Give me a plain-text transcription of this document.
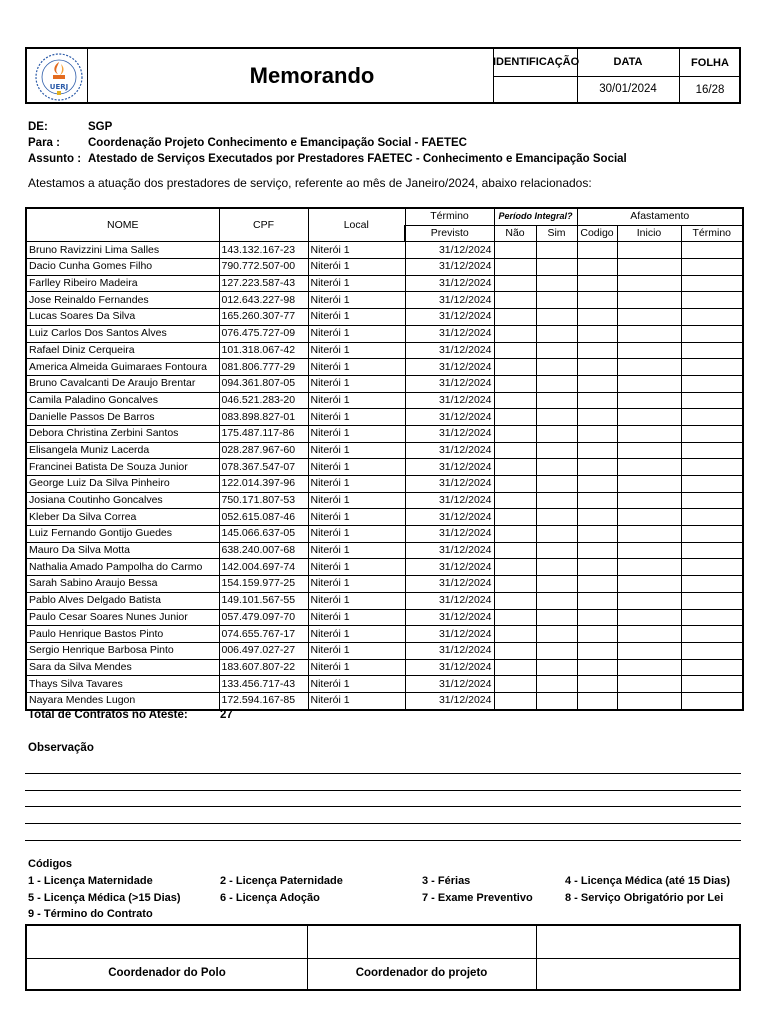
UERJ	Memorando
IDENTIFICAÇÃO	DATA
30/01/2024
FOLHA
16/28
DE:	SGP
Para : Coordenação Projeto Conhecimento e Emancipação Social - FAETEC
Assunto : Atestado de Serviços Executados por Prestadores FAETEC - Conhecimento e Emancipação Social
Atestamos a atuação dos prestadores de serviço, referente ao mês de Janeiro/2024, abaixo relacionados:
NOME	CPF	Local	Término	Período Integral?		Afastamento		
			Previsto	Não	Sim	Codigo	Inicio	Término
Bruno Ravizzini Lima Salles	143.132.167-23	Niterói 1	31/12/2024					
Dacio Cunha Gomes Filho	790.772.507-00	Niterói 1	31/12/2024					
Farlley Ribeiro Madeira	127.223.587-43	Niterói 1	31/12/2024					
Jose Reinaldo Fernandes	012.643.227-98	Niterói 1	31/12/2024					
Lucas Soares Da Silva	165.260.307-77	Niterói 1	31/12/2024					
Luiz Carlos Dos Santos Alves	076.475.727-09	Niterói 1	31/12/2024					
Rafael Diniz Cerqueira	101.318.067-42	Niterói 1	31/12/2024					
America Almeida Guimaraes Fontoura	081.806.777-29	Niterói 1	31/12/2024					
Bruno Cavalcanti De Araujo Brentar	094.361.807-05	Niterói 1	31/12/2024					
Camila Paladino Goncalves	046.521.283-20	Niterói 1	31/12/2024					
Danielle Passos De Barros	083.898.827-01	Niterói 1	31/12/2024					
Debora Christina Zerbini Santos	175.487.117-86	Niterói 1	31/12/2024					
Elisangela Muniz Lacerda	028.287.967-60	Niterói 1	31/12/2024					
Francinei Batista De Souza Junior	078.367.547-07	Niterói 1	31/12/2024					
George Luiz Da Silva Pinheiro	122.014.397-96	Niterói 1	31/12/2024					
Josiana Coutinho Goncalves	750.171.807-53	Niterói 1	31/12/2024					
Kleber Da Silva Correa	052.615.087-46	Niterói 1	31/12/2024					
Luiz Fernando Gontijo Guedes	145.066.637-05	Niterói 1	31/12/2024					
Mauro Da Silva Motta	638.240.007-68	Niterói 1	31/12/2024					
Nathalia Amado Pampolha do Carmo	142.004.697-74	Niterói 1	31/12/2024					
Sarah Sabino Araujo Bessa	154.159.977-25	Niterói 1	31/12/2024					
Pablo Alves Delgado Batista	149.101.567-55	Niterói 1	31/12/2024					
Paulo Cesar Soares Nunes Junior	057.479.097-70	Niterói 1	31/12/2024					
Paulo Henrique Bastos Pinto	074.655.767-17	Niterói 1	31/12/2024					
Sergio Henrique Barbosa Pinto	006.497.027-27	Niterói 1	31/12/2024					
Sara da Silva Mendes	183.607.807-22	Niterói 1	31/12/2024					
Thays Silva Tavares	133.456.717-43	Niterói 1	31/12/2024					
Nayara Mendes Lugon	172.594.167-85	Niterói 1	31/12/2024					
Total de Contratos no Ateste:	27
Observação
Códigos
1 - Licença Maternidade	2 - Licença Paternidade	3 - Férias	4 - Licença Médica (até 15 Dias)
5 - Licença Médica (>15 Dias)	6 - Licença Adoção	7 - Exame Preventivo	8 - Serviço Obrigatório por Lei
9 - Término do Contrato
Coordenador do Polo	Coordenador do projeto
